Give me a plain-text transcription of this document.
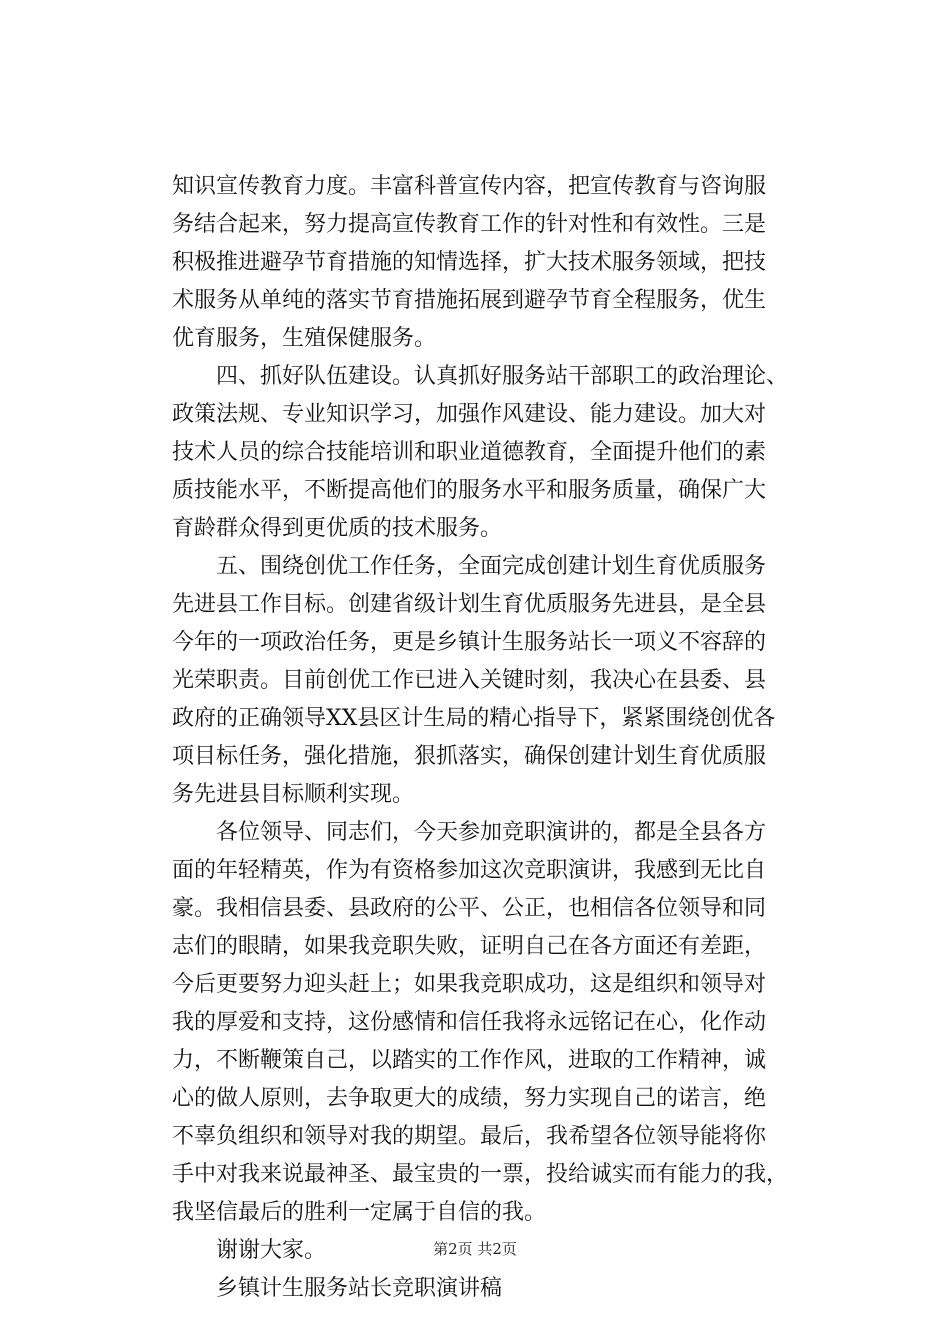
知识宣传教育力度。丰富科普宣传内容，把宣传教育与咨询服
务结合起来，努力提高宣传教育工作的针对性和有效性。三是
积极推进避孕节育措施的知情选择，扩大技术服务领域，把技
术服务从单纯的落实节育措施拓展到避孕节育全程服务，优生
优育服务，生殖保健服务。
　　四、抓好队伍建设。认真抓好服务站干部职工的政治理论、
政策法规、专业知识学习，加强作风建设、能力建设。加大对
技术人员的综合技能培训和职业道德教育，全面提升他们的素
质技能水平，不断提高他们的服务水平和服务质量，确保广大
育龄群众得到更优质的技术服务。
　　五、围绕创优工作任务，全面完成创建计划生育优质服务
先进县工作目标。创建省级计划生育优质服务先进县，是全县
今年的一项政治任务，更是乡镇计生服务站长一项义不容辞的
光荣职责。目前创优工作已进入关键时刻，我决心在县委、县
政府的正确领导XX县区计生局的精心指导下，紧紧围绕创优各
项目标任务，强化措施，狠抓落实，确保创建计划生育优质服
务先进县目标顺利实现。
　　各位领导、同志们，今天参加竞职演讲的，都是全县各方
面的年轻精英，作为有资格参加这次竞职演讲，我感到无比自
豪。我相信县委、县政府的公平、公正，也相信各位领导和同
志们的眼睛，如果我竞职失败，证明自己在各方面还有差距，
今后更要努力迎头赶上；如果我竞职成功，这是组织和领导对
我的厚爱和支持，这份感情和信任我将永远铭记在心，化作动
力，不断鞭策自己，以踏实的工作作风，进取的工作精神，诚
心的做人原则，去争取更大的成绩，努力实现自己的诺言，绝
不辜负组织和领导对我的期望。最后，我希望各位领导能将你
手中对我来说最神圣、最宝贵的一票，投给诚实而有能力的我，
我坚信最后的胜利一定属于自信的我。
　　谢谢大家。
　　乡镇计生服务站长竞职演讲稿
第2页 共2页
